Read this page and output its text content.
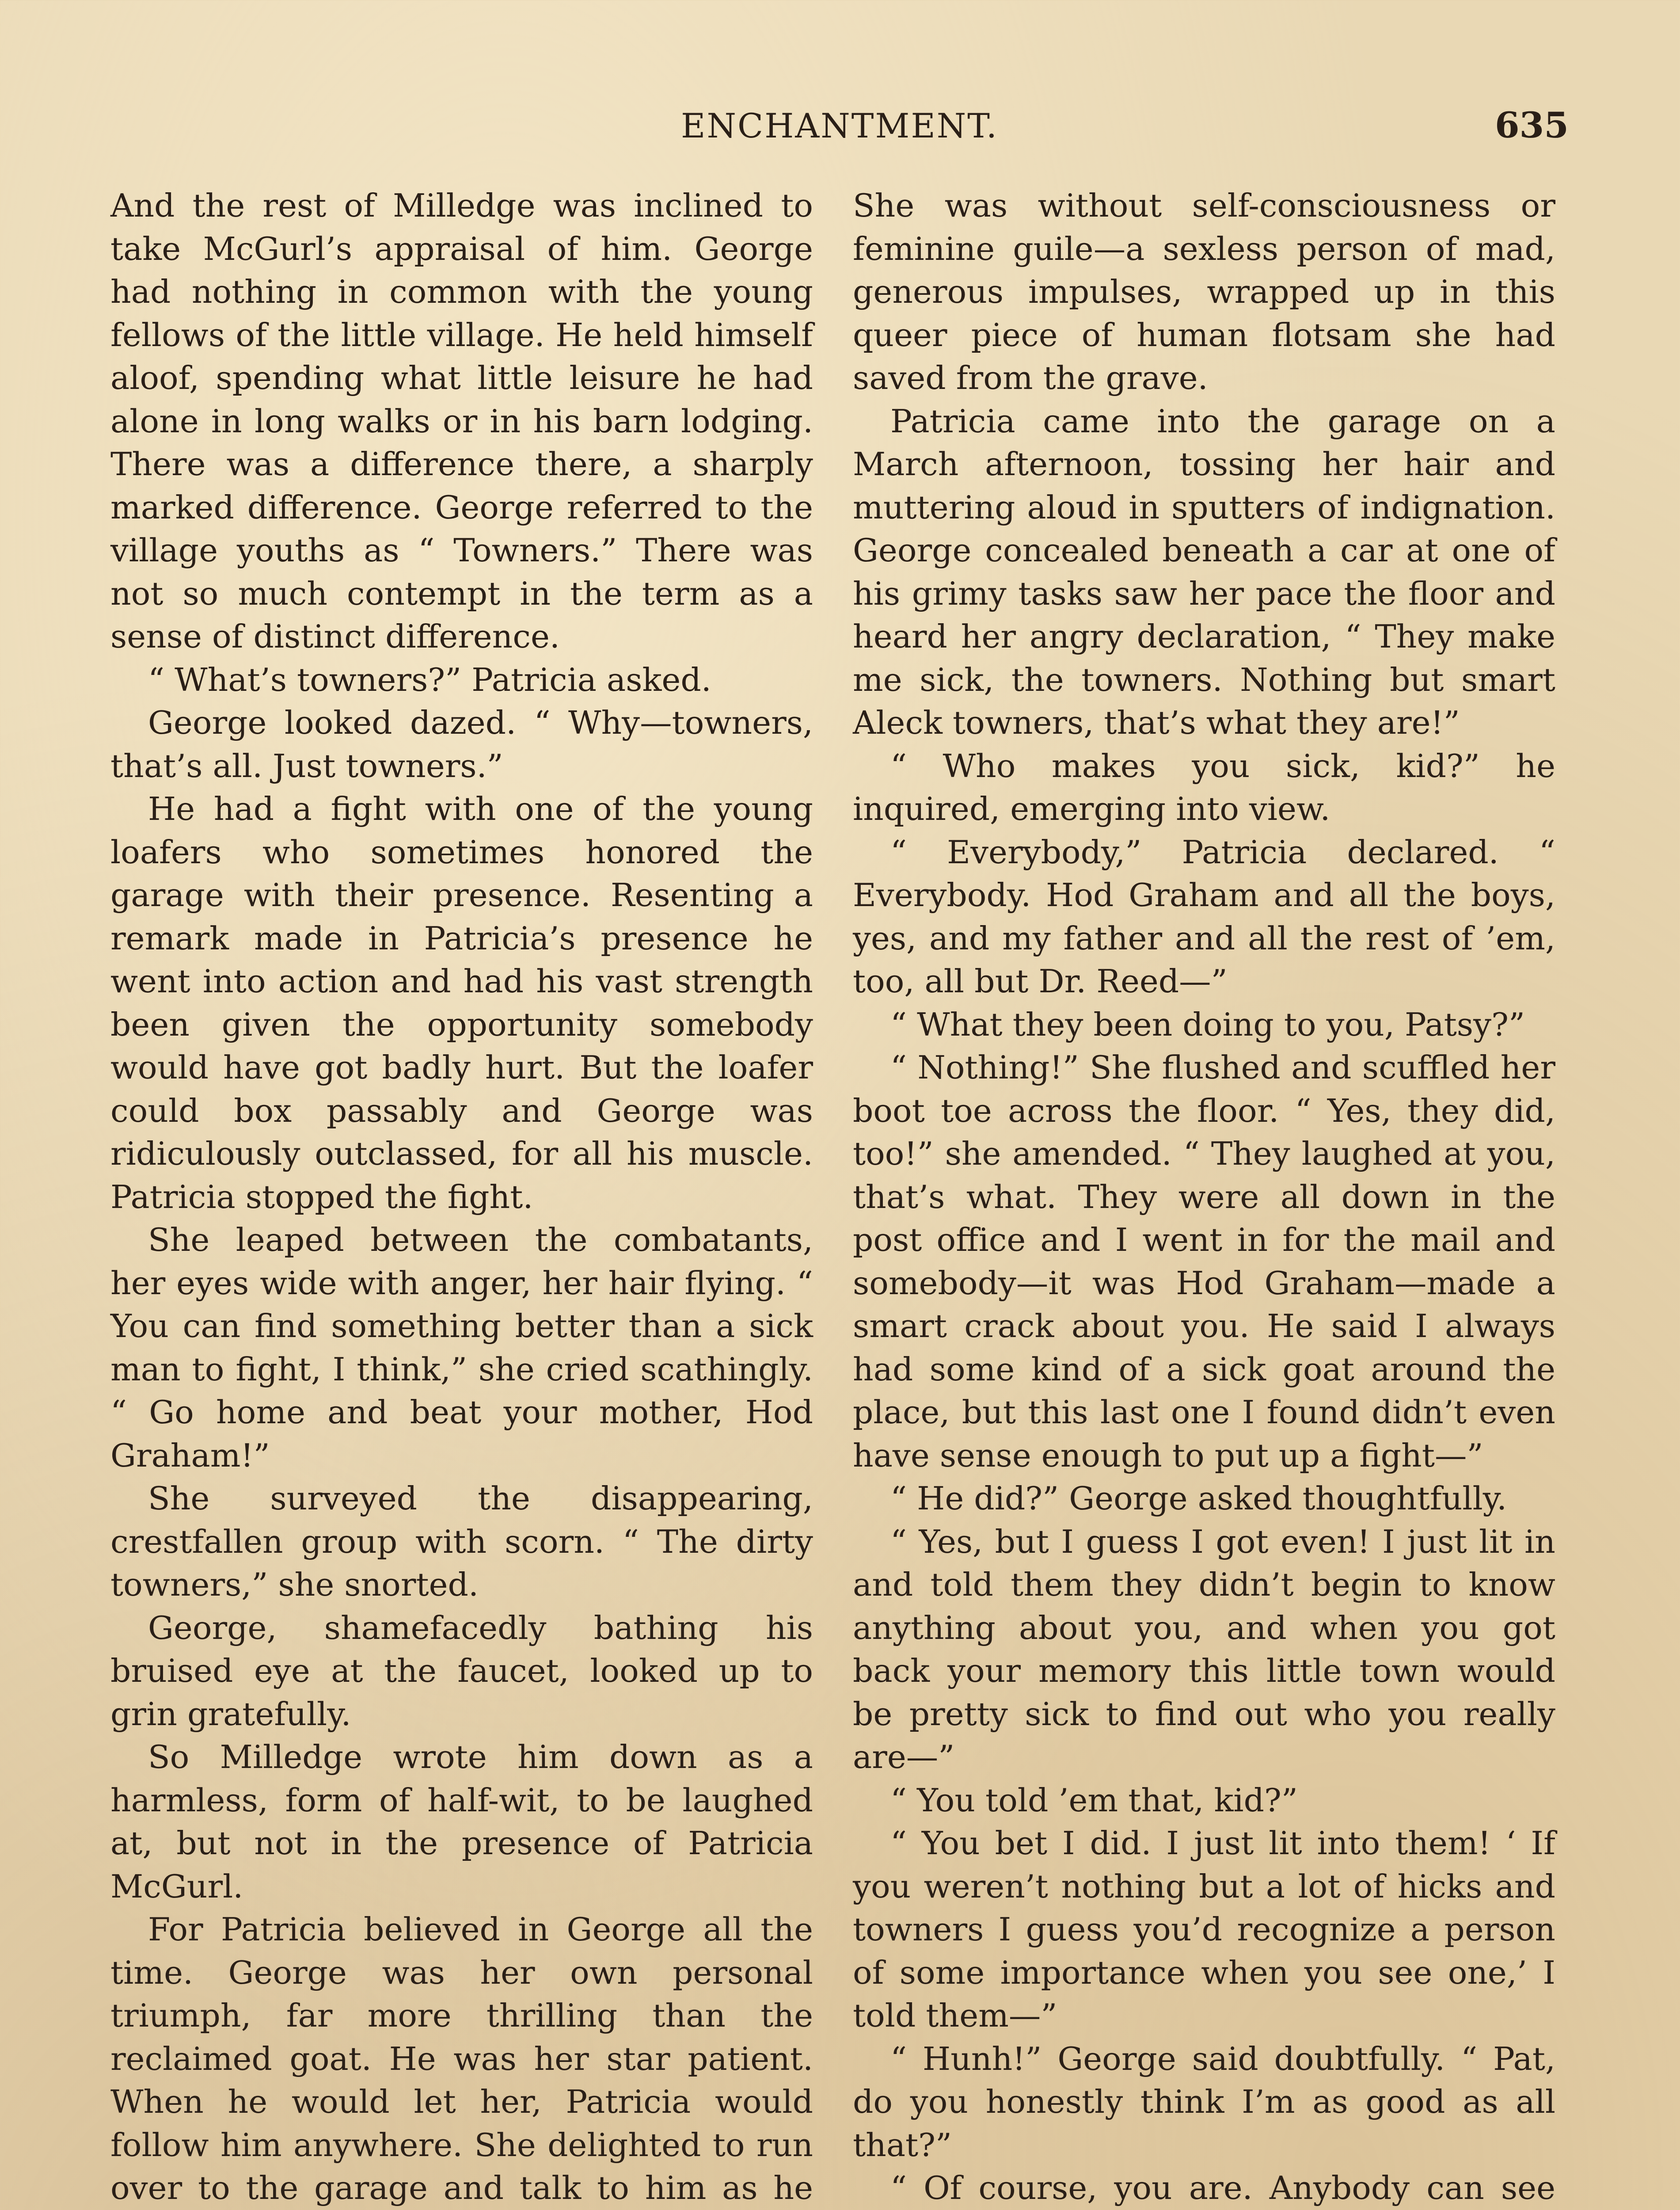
ENCHANTMENT.	635

And the rest of Milledge was inclined to take McGurl’s appraisal of him. George had nothing in common with the young fellows of the little village. He held himself aloof, spending what little leisure he had alone in long walks or in his barn lodging. There was a difference there, a sharply marked difference. George referred to the village youths as “ Towners.” There was not so much contempt in the term as a sense of distinct difference.

“ What’s towners?” Patricia asked.

George looked dazed. “ Why—towners, that’s all. Just towners.”

He had a fight with one of the young loafers who sometimes honored the garage with their presence. Resenting a remark made in Patricia’s presence he went into action and had his vast strength been given the opportunity somebody would have got badly hurt. But the loafer could box passably and George was ridiculously outclassed, for all his muscle. Patricia stopped the fight.

She leaped between the combatants, her eyes wide with anger, her hair flying. “ You can find something better than a sick man to fight, I think,” she cried scathingly. “ Go home and beat your mother, Hod Graham!”

She surveyed the disappearing, crestfallen group with scorn. “ The dirty towners,” she snorted.

George, shamefacedly bathing his bruised eye at the faucet, looked up to grin gratefully.

So Milledge wrote him down as a harmless, form of half-wit, to be laughed at, but not in the presence of Patricia McGurl.

For Patricia believed in George all the time. George was her own personal triumph, far more thrilling than the reclaimed goat. He was her star patient. When he would let her, Patricia would follow him anywhere. She delighted to run over to the garage and talk to him as he

She was without self-consciousness or feminine guile—a sexless person of mad, generous impulses, wrapped up in this queer piece of human flotsam she had saved from the grave.

Patricia came into the garage on a March afternoon, tossing her hair and muttering aloud in sputters of indignation. George concealed beneath a car at one of his grimy tasks saw her pace the floor and heard her angry declaration, “ They make me sick, the towners. Nothing but smart Aleck towners, that’s what they are!”

“ Who makes you sick, kid?” he inquired, emerging into view.

“ Everybody,” Patricia declared. “ Everybody. Hod Graham and all the boys, yes, and my father and all the rest of ’em, too, all but Dr. Reed—”

“ What they been doing to you, Patsy?”

“ Nothing!” She flushed and scuffled her boot toe across the floor. “ Yes, they did, too!” she amended. “ They laughed at you, that’s what. They were all down in the post office and I went in for the mail and somebody—it was Hod Graham—made a smart crack about you. He said I always had some kind of a sick goat around the place, but this last one I found didn’t even have sense enough to put up a fight—”

“ He did?” George asked thoughtfully.

“ Yes, but I guess I got even! I just lit in and told them they didn’t begin to know anything about you, and when you got back your memory this little town would be pretty sick to find out who you really are—”

“ You told ’em that, kid?”

“ You bet I did. I just lit into them! ‘ If you weren’t nothing but a lot of hicks and towners I guess you’d recognize a person of some importance when you see one,’ I told them—”

“ Hunh!” George said doubtfully. “ Pat, do you honestly think I’m as good as all that?”

“ Of course, you are. Anybody can see
